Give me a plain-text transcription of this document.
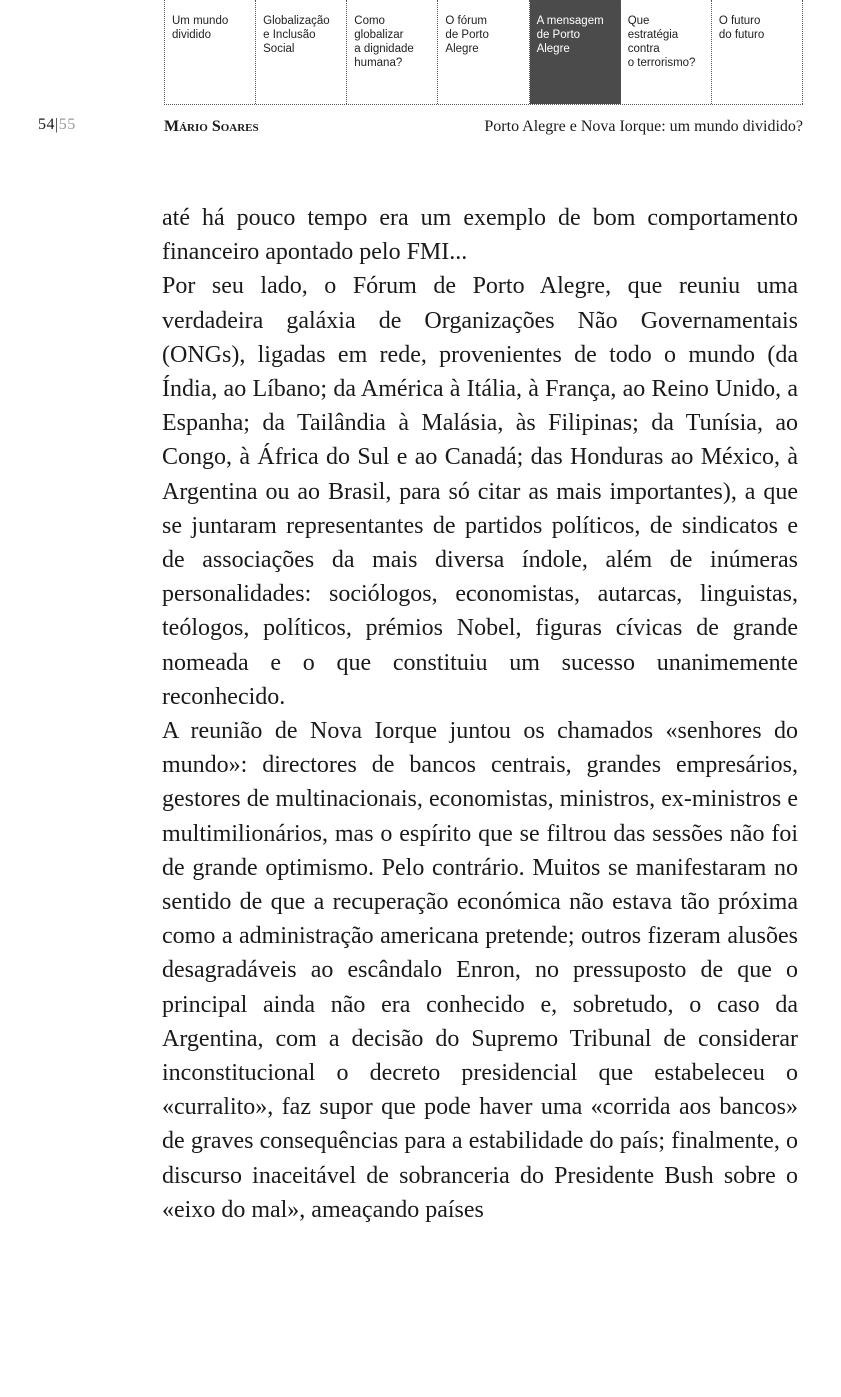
Um mundo
dividido
Globalização
e Inclusão
Social
Como
globalizar
a dignidade
humana?
O fórum
de Porto
Alegre
A mensagem
de Porto
Alegre
Que
estratégia
contra
o terrorismo?
O futuro
do futuro
54|55	Mário Soares	Porto Alegre e Nova Iorque: um mundo dividido?

até há pouco tempo era um exemplo de bom comportamento financeiro apontado pelo FMI...

Por seu lado, o Fórum de Porto Alegre, que reuniu uma verdadeira galáxia de Organizações Não Governamentais (ONGs), ligadas em rede, provenientes de todo o mundo (da Índia, ao Líbano; da América à Itália, à França, ao Reino Unido, a Espanha; da Tailândia à Malásia, às Filipinas; da Tunísia, ao Congo, à África do Sul e ao Canadá; das Honduras ao México, à Argentina ou ao Brasil, para só citar as mais importantes), a que se juntaram representantes de partidos políticos, de sindicatos e de associações da mais diversa índole, além de inúmeras personalidades: sociólogos, economistas, autarcas, linguistas, teólogos, políticos, prémios Nobel, figuras cívicas de grande nomeada e o que constituiu um sucesso unanimemente reconhecido.

A reunião de Nova Iorque juntou os chamados «senhores do mundo»: directores de bancos centrais, grandes empresários, gestores de multinacionais, economistas, ministros, ex-ministros e multimilionários, mas o espírito que se filtrou das sessões não foi de grande optimismo. Pelo contrário. Muitos se manifestaram no sentido de que a recuperação económica não estava tão próxima como a administração americana pretende; outros fizeram alusões desagradáveis ao escândalo Enron, no pressuposto de que o principal ainda não era conhecido e, sobretudo, o caso da Argentina, com a decisão do Supremo Tribunal de considerar inconstitucional o decreto presidencial que estabeleceu o «curralito», faz supor que pode haver uma «corrida aos bancos» de graves consequências para a estabilidade do país; finalmente, o discurso inaceitável de sobranceria do Presidente Bush sobre o «eixo do mal», ameaçando países
